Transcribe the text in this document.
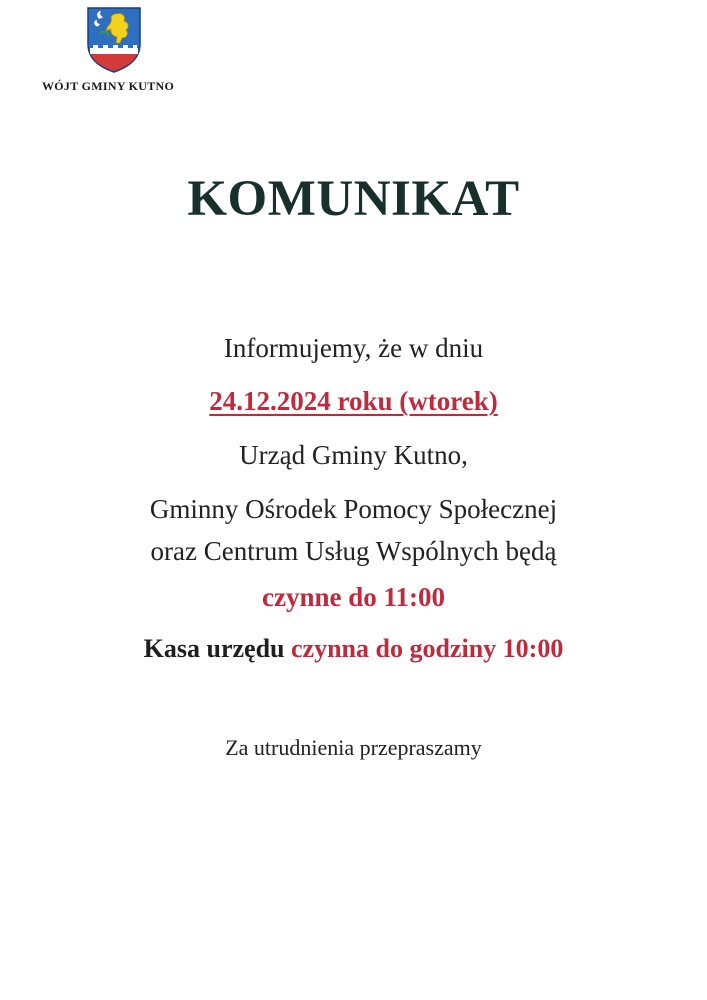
WÓJT GMINY KUTNO
KOMUNIKAT
Informujemy, że w dniu
24.12.2024 roku (wtorek)
Urząd Gminy Kutno,
Gminny Ośrodek Pomocy Społecznej
oraz Centrum Usług Wspólnych będą
czynne do 11:00
Kasa urzędu czynna do godziny 10:00
Za utrudnienia przepraszamy
